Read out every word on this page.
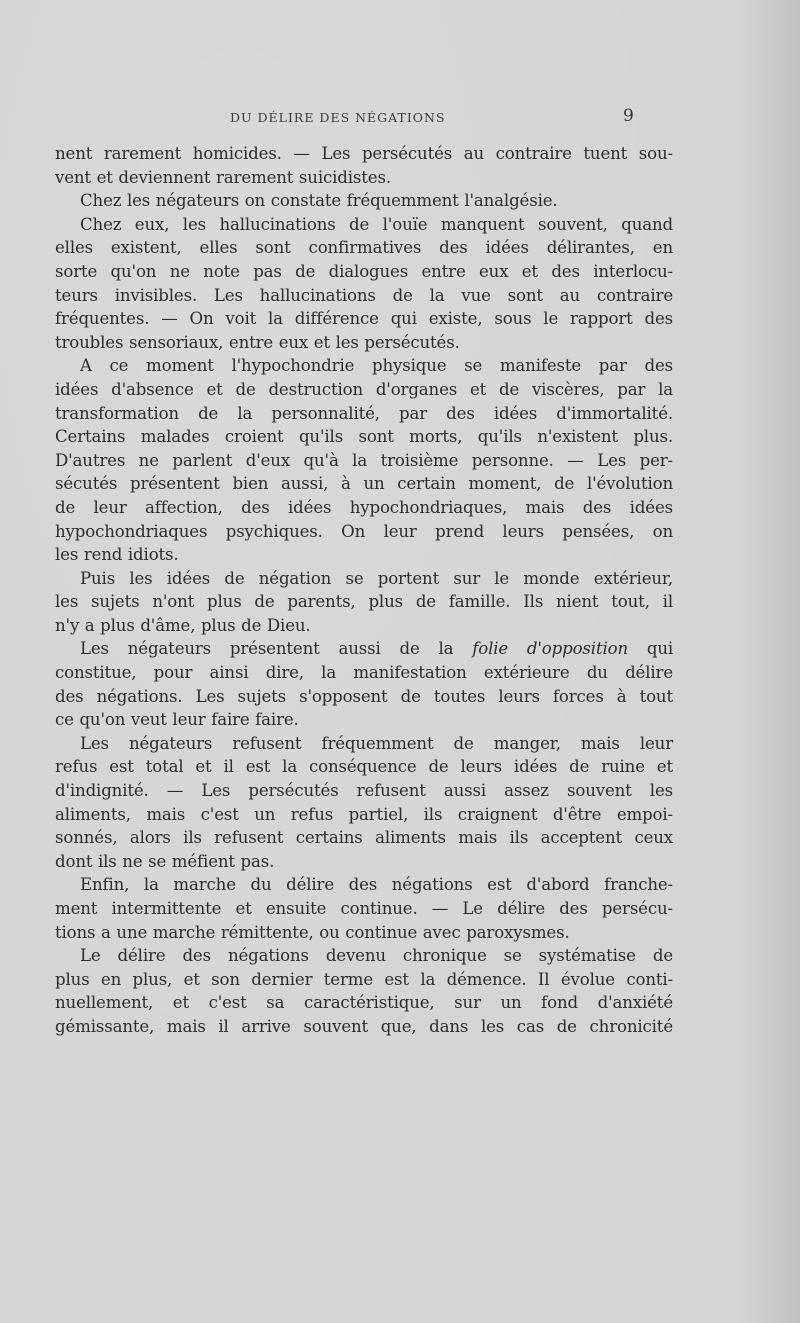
DU DÉLIRE DES NÉGATIONS	9

nent rarement homicides. — Les persécutés au contraire tuent sou-
vent et deviennent rarement suicidistes.

Chez les négateurs on constate fréquemment l'analgésie.

Chez eux, les hallucinations de l'ouïe manquent souvent, quand
elles existent, elles sont confirmatives des idées délirantes, en
sorte qu'on ne note pas de dialogues entre eux et des interlocu-
teurs invisibles. Les hallucinations de la vue sont au contraire
fréquentes. — On voit la différence qui existe, sous le rapport des
troubles sensoriaux, entre eux et les persécutés.

A ce moment l'hypochondrie physique se manifeste par des
idées d'absence et de destruction d'organes et de viscères, par la
transformation de la personnalité, par des idées d'immortalité.
Certains malades croient qu'ils sont morts, qu'ils n'existent plus.
D'autres ne parlent d'eux qu'à la troisième personne. — Les per-
sécutés présentent bien aussi, à un certain moment, de l'évolution
de leur affection, des idées hypochondriaques, mais des idées
hypochondriaques psychiques. On leur prend leurs pensées, on
les rend idiots.

Puis les idées de négation se portent sur le monde extérieur,
les sujets n'ont plus de parents, plus de famille. Ils nient tout, il
n'y a plus d'âme, plus de Dieu.

Les négateurs présentent aussi de la folie d'opposition qui
constitue, pour ainsi dire, la manifestation extérieure du délire
des négations. Les sujets s'opposent de toutes leurs forces à tout
ce qu'on veut leur faire faire.

Les négateurs refusent fréquemment de manger, mais leur
refus est total et il est la conséquence de leurs idées de ruine et
d'indignité. — Les persécutés refusent aussi assez souvent les
aliments, mais c'est un refus partiel, ils craignent d'être empoi-
sonnés, alors ils refusent certains aliments mais ils acceptent ceux
dont ils ne se méfient pas.

Enfin, la marche du délire des négations est d'abord franche-
ment intermittente et ensuite continue. — Le délire des persécu-
tions a une marche rémittente, ou continue avec paroxysmes.

Le délire des négations devenu chronique se systématise de
plus en plus, et son dernier terme est la démence. Il évolue conti-
nuellement, et c'est sa caractéristique, sur un fond d'anxiété
gémissante, mais il arrive souvent que, dans les cas de chronicité
